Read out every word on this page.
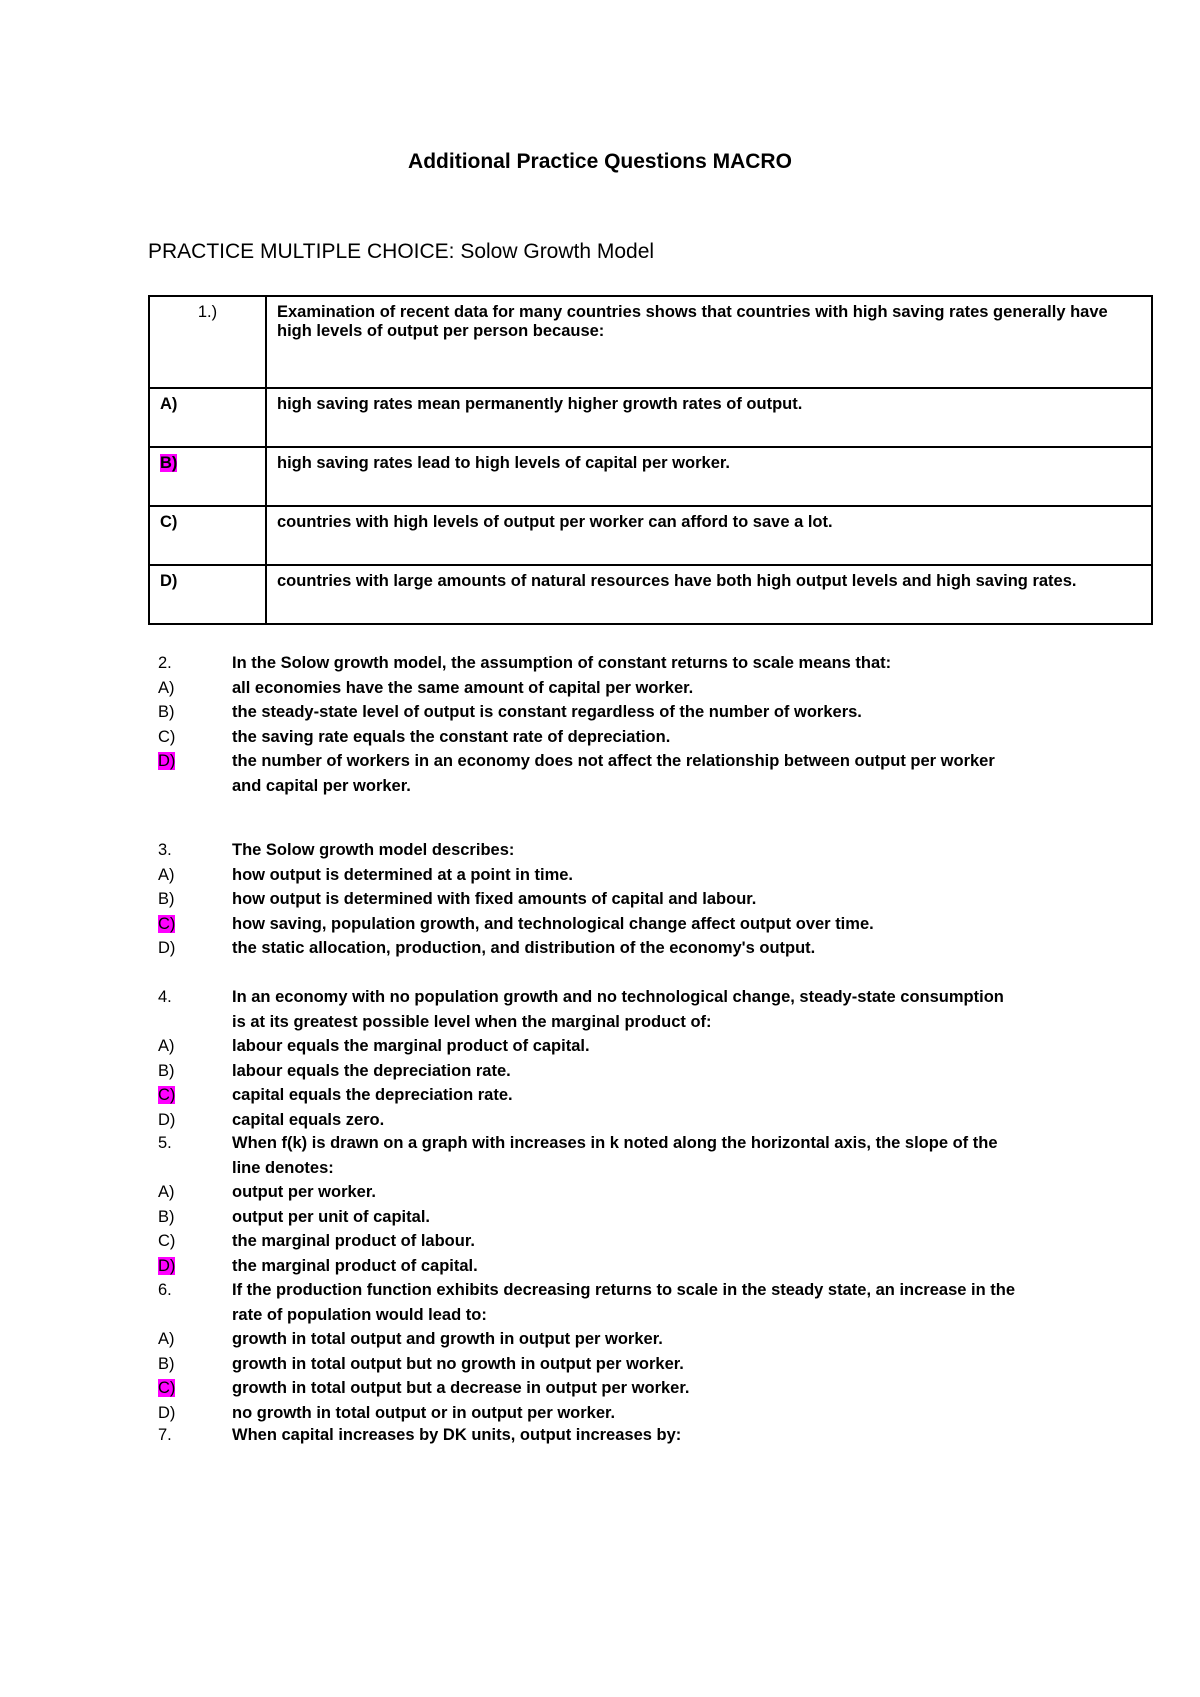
Additional Practice Questions MACRO
PRACTICE MULTIPLE CHOICE: Solow Growth Model
1.)	Examination of recent data for many countries shows that countries with high saving rates generally have high levels of output per person because:
A)	high saving rates mean permanently higher growth rates of output.
B)	high saving rates lead to high levels of capital per worker.
C)	countries with high levels of output per worker can afford to save a lot.
D)	countries with large amounts of natural resources have both high output levels and high saving rates.
2.	In the Solow growth model, the assumption of constant returns to scale means that:
A)	all economies have the same amount of capital per worker.
B)	the steady-state level of output is constant regardless of the number of workers.
C)	the saving rate equals the constant rate of depreciation.
D)	the number of workers in an economy does not affect the relationship between output per worker
and capital per worker.
3.	The Solow growth model describes:
A)	how output is determined at a point in time.
B)	how output is determined with fixed amounts of capital and labour.
C)	how saving, population growth, and technological change affect output over time.
D)	the static allocation, production, and distribution of the economy's output.
4.	In an economy with no population growth and no technological change, steady-state consumption
is at its greatest possible level when the marginal product of:
A)	labour equals the marginal product of capital.
B)	labour equals the depreciation rate.
C)	capital equals the depreciation rate.
D)	capital equals zero.
5.	When f(k) is drawn on a graph with increases in k noted along the horizontal axis, the slope of the
line denotes:
A)	output per worker.
B)	output per unit of capital.
C)	the marginal product of labour.
D)	the marginal product of capital.
6.	If the production function exhibits decreasing returns to scale in the steady state, an increase in the
rate of population would lead to:
A)	growth in total output and growth in output per worker.
B)	growth in total output but no growth in output per worker.
C)	growth in total output but a decrease in output per worker.
D)	no growth in total output or in output per worker.
7.	When capital increases by DK units, output increases by:
